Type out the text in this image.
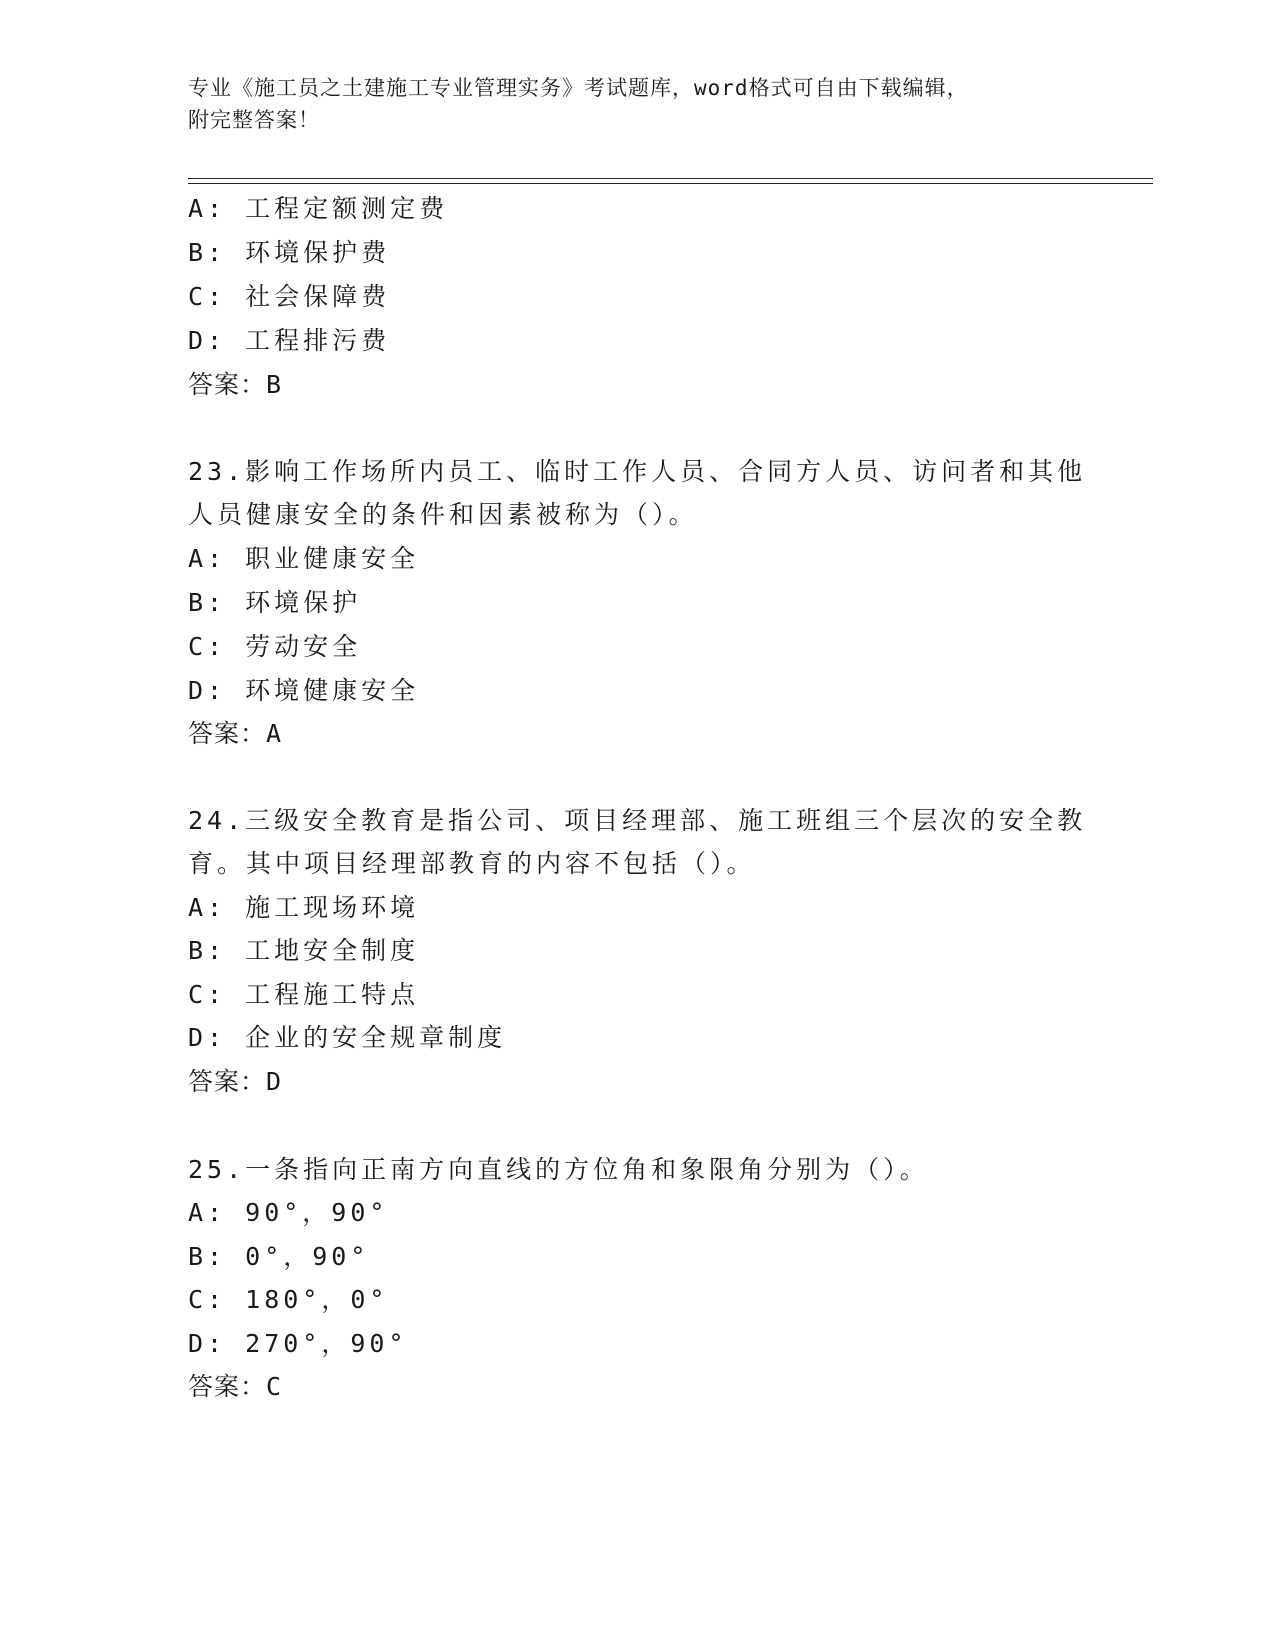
专业《施工员之土建施工专业管理实务》考试题库，word格式可自由下载编辑，
附完整答案！
A: 工程定额测定费
B: 环境保护费
C: 社会保障费
D: 工程排污费
答案：B
23.影响工作场所内员工、临时工作人员、合同方人员、访问者和其他
人员健康安全的条件和因素被称为（）。
A: 职业健康安全
B: 环境保护
C: 劳动安全
D: 环境健康安全
答案：A
24.三级安全教育是指公司、项目经理部、施工班组三个层次的安全教
育。其中项目经理部教育的内容不包括（）。
A: 施工现场环境
B: 工地安全制度
C: 工程施工特点
D: 企业的安全规章制度
答案：D
25.一条指向正南方向直线的方位角和象限角分别为（）。
A: 90°，90°
B: 0°，90°
C: 180°，0°
D: 270°，90°
答案：C
